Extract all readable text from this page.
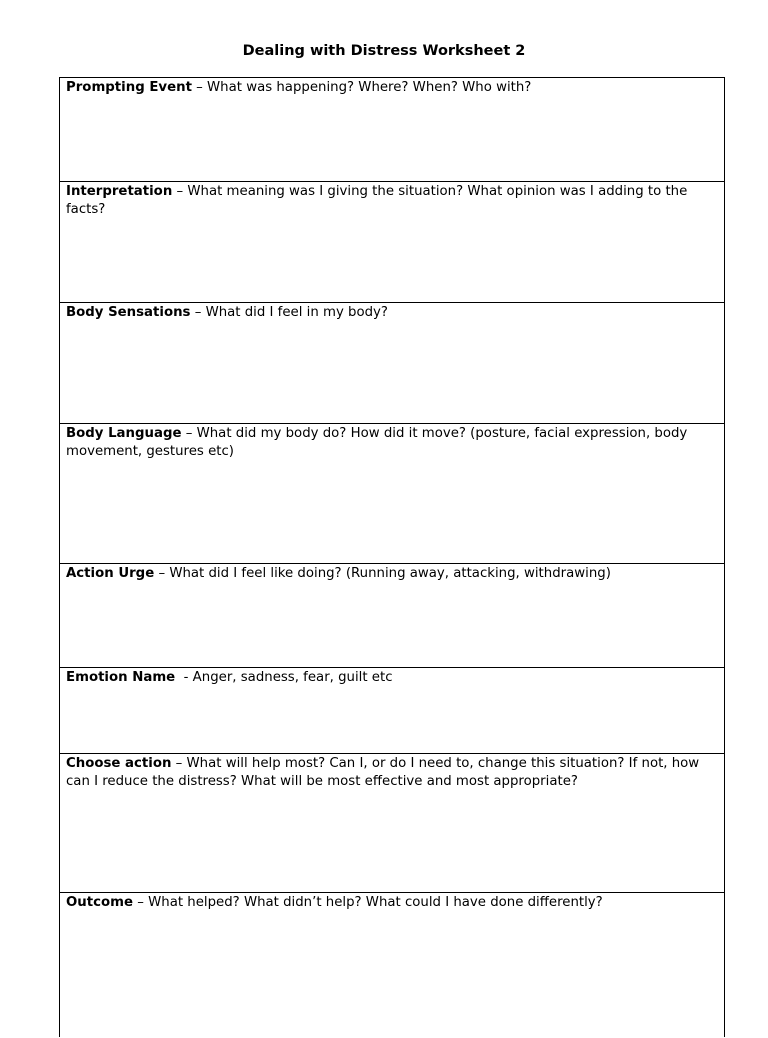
Dealing with Distress Worksheet 2
Prompting Event – What was happening? Where? When? Who with?
Interpretation – What meaning was I giving the situation? What opinion was I adding to the facts?
Body Sensations – What did I feel in my body?
Body Language – What did my body do? How did it move? (posture, facial expression, body movement, gestures etc)
Action Urge – What did I feel like doing? (Running away, attacking, withdrawing)
Emotion Name  - Anger, sadness, fear, guilt etc
Choose action – What will help most? Can I, or do I need to, change this situation? If not, how can I reduce the distress? What will be most effective and most appropriate?
Outcome – What helped? What didn’t help? What could I have done differently?
